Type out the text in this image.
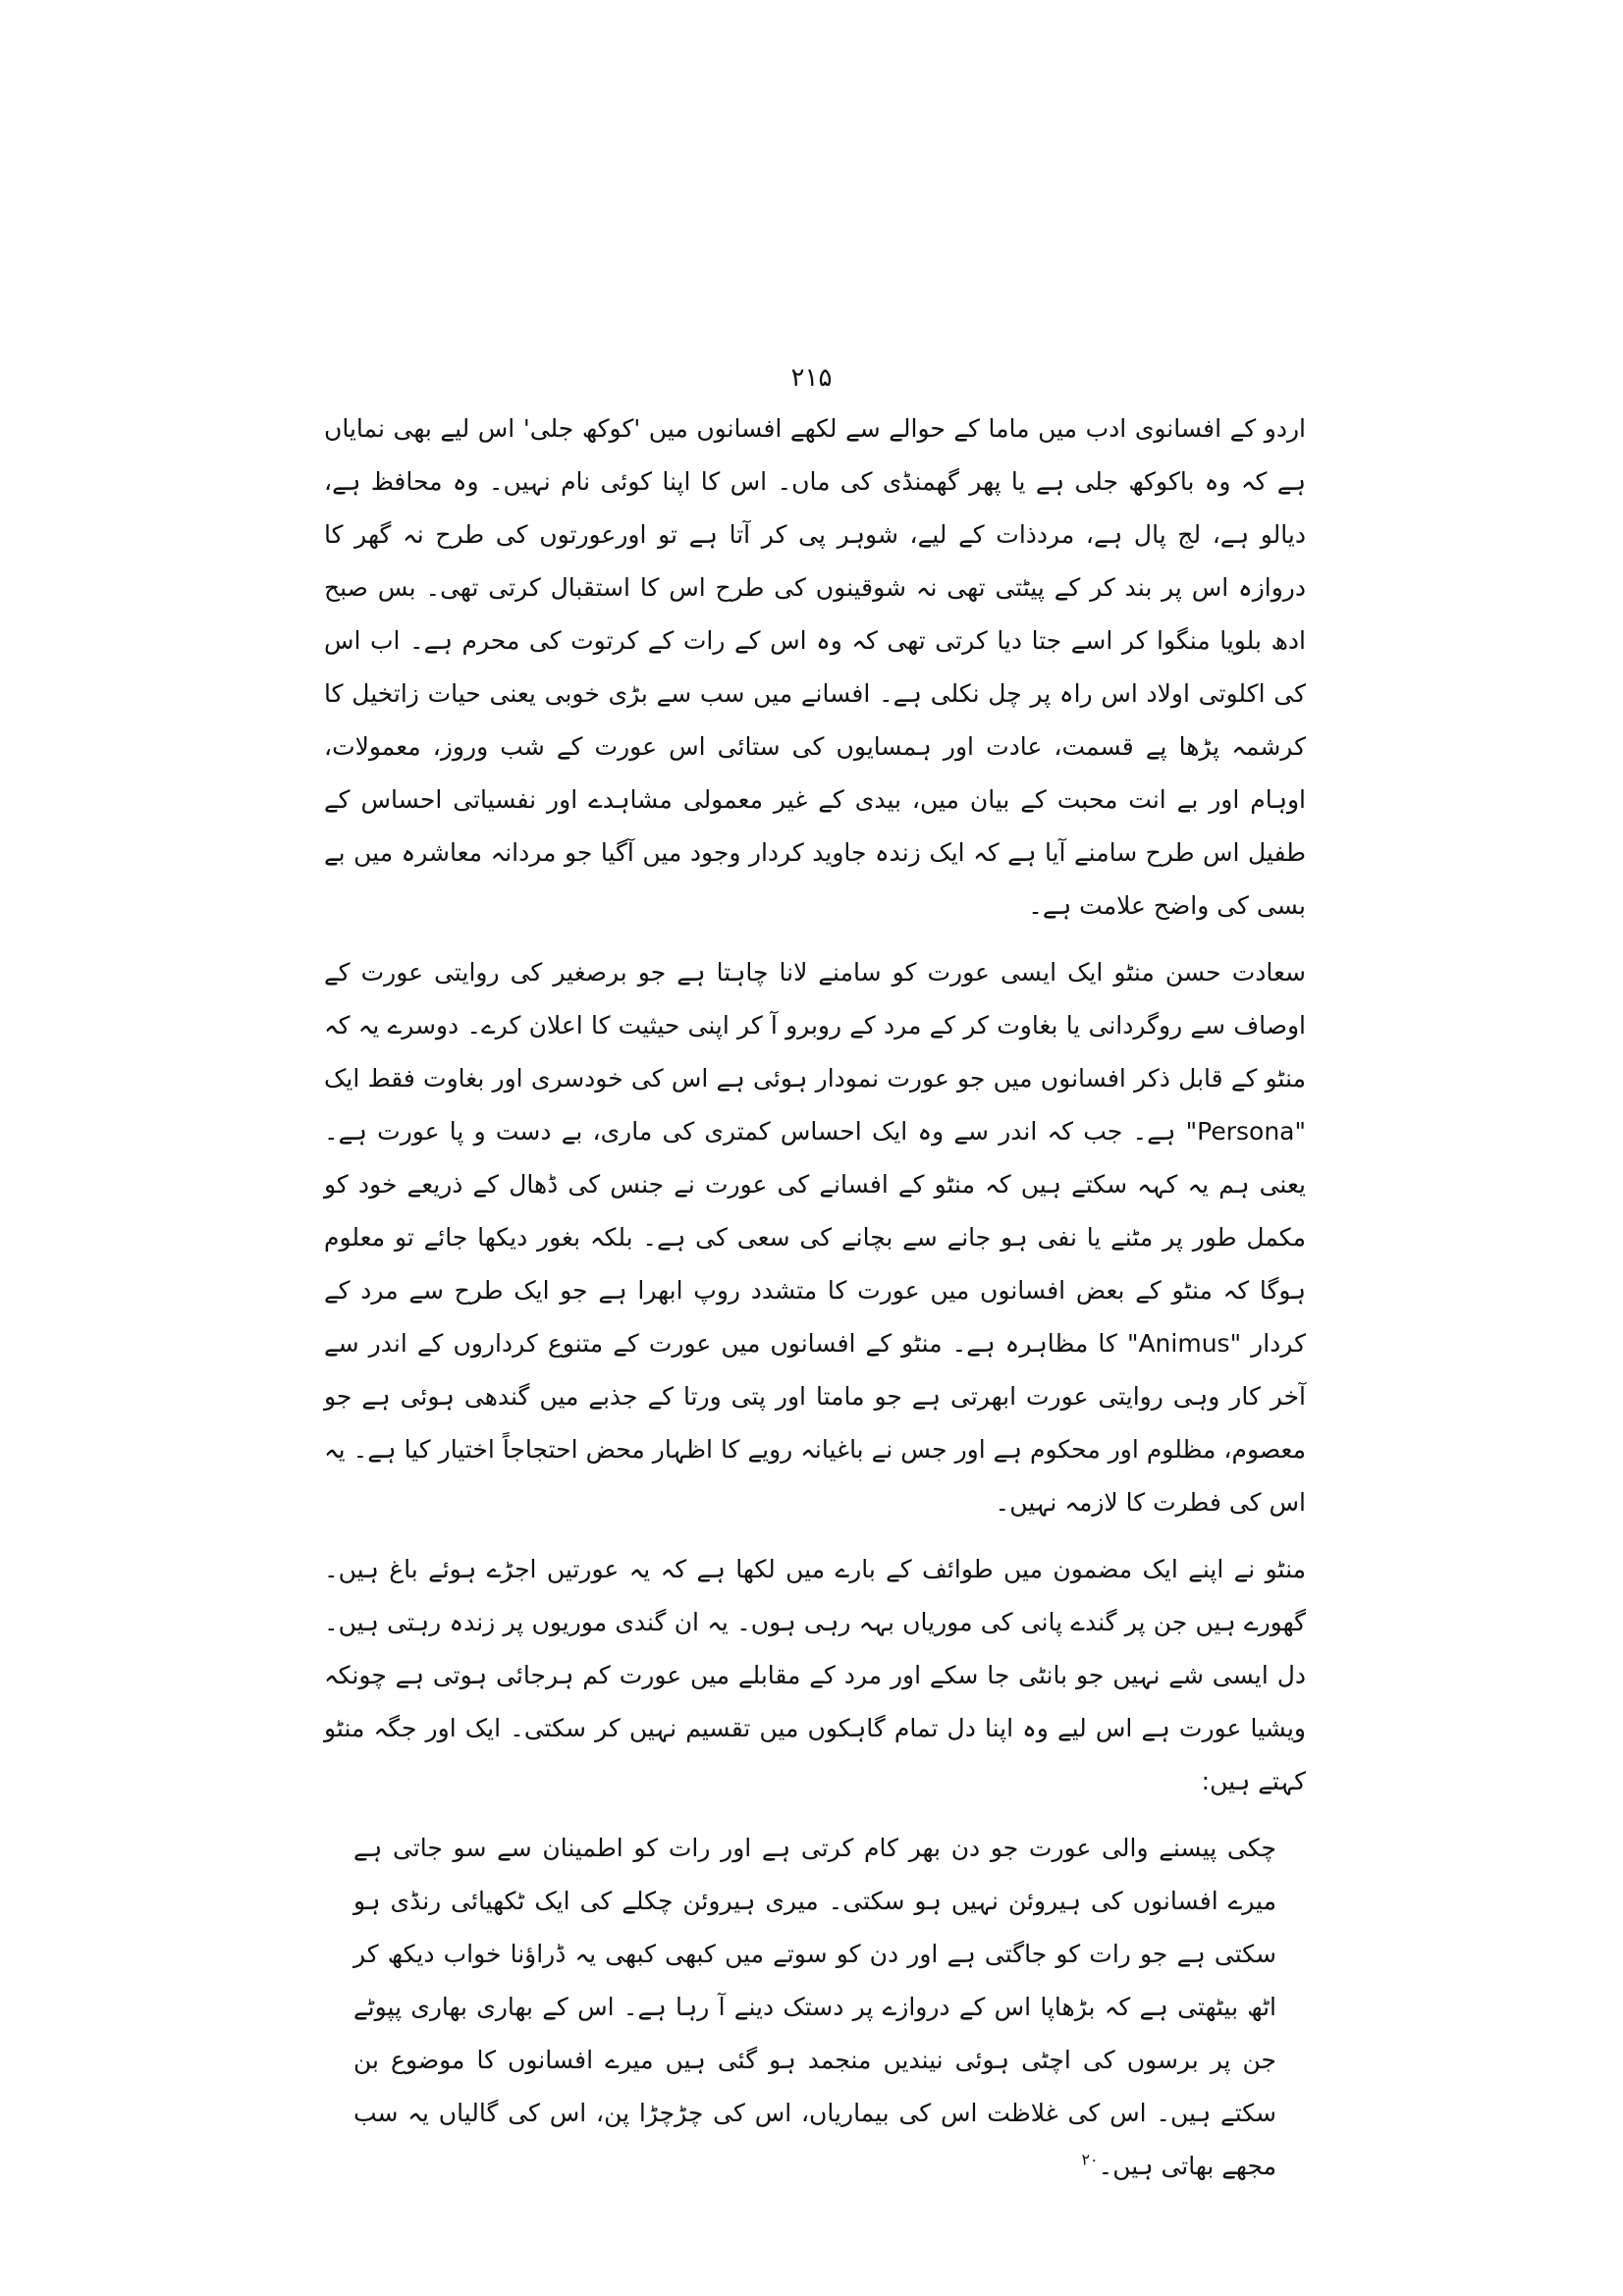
۲۱۵

اردو کے افسانوی ادب میں ماما کے حوالے سے لکھے افسانوں میں 'کوکھ جلی' اس لیے بھی نمایاں ہے کہ وہ باکوکھ جلی ہے یا پھر گھمنڈی کی ماں۔ اس کا اپنا کوئی نام نہیں۔ وہ محافظ ہے، دیالو ہے، لج پال ہے، مردذات کے لیے، شوہر پی کر آتا ہے تو اورعورتوں کی طرح نہ گھر کا دروازہ اس پر بند کر کے پیٹتی تھی نہ شوقینوں کی طرح اس کا استقبال کرتی تھی۔ بس صبح ادھ بلویا منگوا کر اسے جتا دیا کرتی تھی کہ وہ اس کے رات کے کرتوت کی محرم ہے۔ اب اس کی اکلوتی اولاد اس راہ پر چل نکلی ہے۔ افسانے میں سب سے بڑی خوبی یعنی حیات زاتخیل کا کرشمہ پڑھا پے قسمت، عادت اور ہمسایوں کی ستائی اس عورت کے شب وروز، معمولات، اوہام اور بے انت محبت کے بیان میں، بیدی کے غیر معمولی مشاہدے اور نفسیاتی احساس کے طفیل اس طرح سامنے آیا ہے کہ ایک زندہ جاوید کردار وجود میں آگیا جو مردانہ معاشرہ میں بے بسی کی واضح علامت ہے۔

سعادت حسن منٹو ایک ایسی عورت کو سامنے لانا چاہتا ہے جو برصغیر کی روایتی عورت کے اوصاف سے روگردانی یا بغاوت کر کے مرد کے روبرو آ کر اپنی حیثیت کا اعلان کرے۔ دوسرے یہ کہ منٹو کے قابل ذکر افسانوں میں جو عورت نمودار ہوئی ہے اس کی خودسری اور بغاوت فقط ایک "Persona" ہے۔ جب کہ اندر سے وہ ایک احساس کمتری کی ماری، بے دست و پا عورت ہے۔ یعنی ہم یہ کہہ سکتے ہیں کہ منٹو کے افسانے کی عورت نے جنس کی ڈھال کے ذریعے خود کو مکمل طور پر مٹنے یا نفی ہو جانے سے بچانے کی سعی کی ہے۔ بلکہ بغور دیکھا جائے تو معلوم ہوگا کہ منٹو کے بعض افسانوں میں عورت کا متشدد روپ ابھرا ہے جو ایک طرح سے مرد کے کردار "Animus" کا مظاہرہ ہے۔ منٹو کے افسانوں میں عورت کے متنوع کرداروں کے اندر سے آخر کار وہی روایتی عورت ابھرتی ہے جو مامتا اور پتی ورتا کے جذبے میں گندھی ہوئی ہے جو معصوم، مظلوم اور محکوم ہے اور جس نے باغیانہ رویے کا اظہار محض احتجاجاً اختیار کیا ہے۔ یہ اس کی فطرت کا لازمہ نہیں۔

منٹو نے اپنے ایک مضمون میں طوائف کے بارے میں لکھا ہے کہ یہ عورتیں اجڑے ہوئے باغ ہیں۔ گھورے ہیں جن پر گندے پانی کی موریاں بہہ رہی ہوں۔ یہ ان گندی موریوں پر زندہ رہتی ہیں۔ دل ایسی شے نہیں جو بانٹی جا سکے اور مرد کے مقابلے میں عورت کم ہرجائی ہوتی ہے چونکہ ویشیا عورت ہے اس لیے وہ اپنا دل تمام گاہکوں میں تقسیم نہیں کر سکتی۔ ایک اور جگہ منٹو کہتے ہیں:

چکی پیسنے والی عورت جو دن بھر کام کرتی ہے اور رات کو اطمینان سے سو جاتی ہے میرے افسانوں کی ہیروئن نہیں ہو سکتی۔ میری ہیروئن چکلے کی ایک ٹکھیائی رنڈی ہو سکتی ہے جو رات کو جاگتی ہے اور دن کو سوتے میں کبھی کبھی یہ ڈراؤنا خواب دیکھ کر اٹھ بیٹھتی ہے کہ بڑھاپا اس کے دروازے پر دستک دینے آ رہا ہے۔ اس کے بھاری بھاری پپوٹے جن پر برسوں کی اچٹی ہوئی نیندیں منجمد ہو گئی ہیں میرے افسانوں کا موضوع بن سکتے ہیں۔ اس کی غلاظت اس کی بیماریاں، اس کی چڑچڑا پن، اس کی گالیاں یہ سب مجھے بھاتی ہیں۔$^{۲۰}$
